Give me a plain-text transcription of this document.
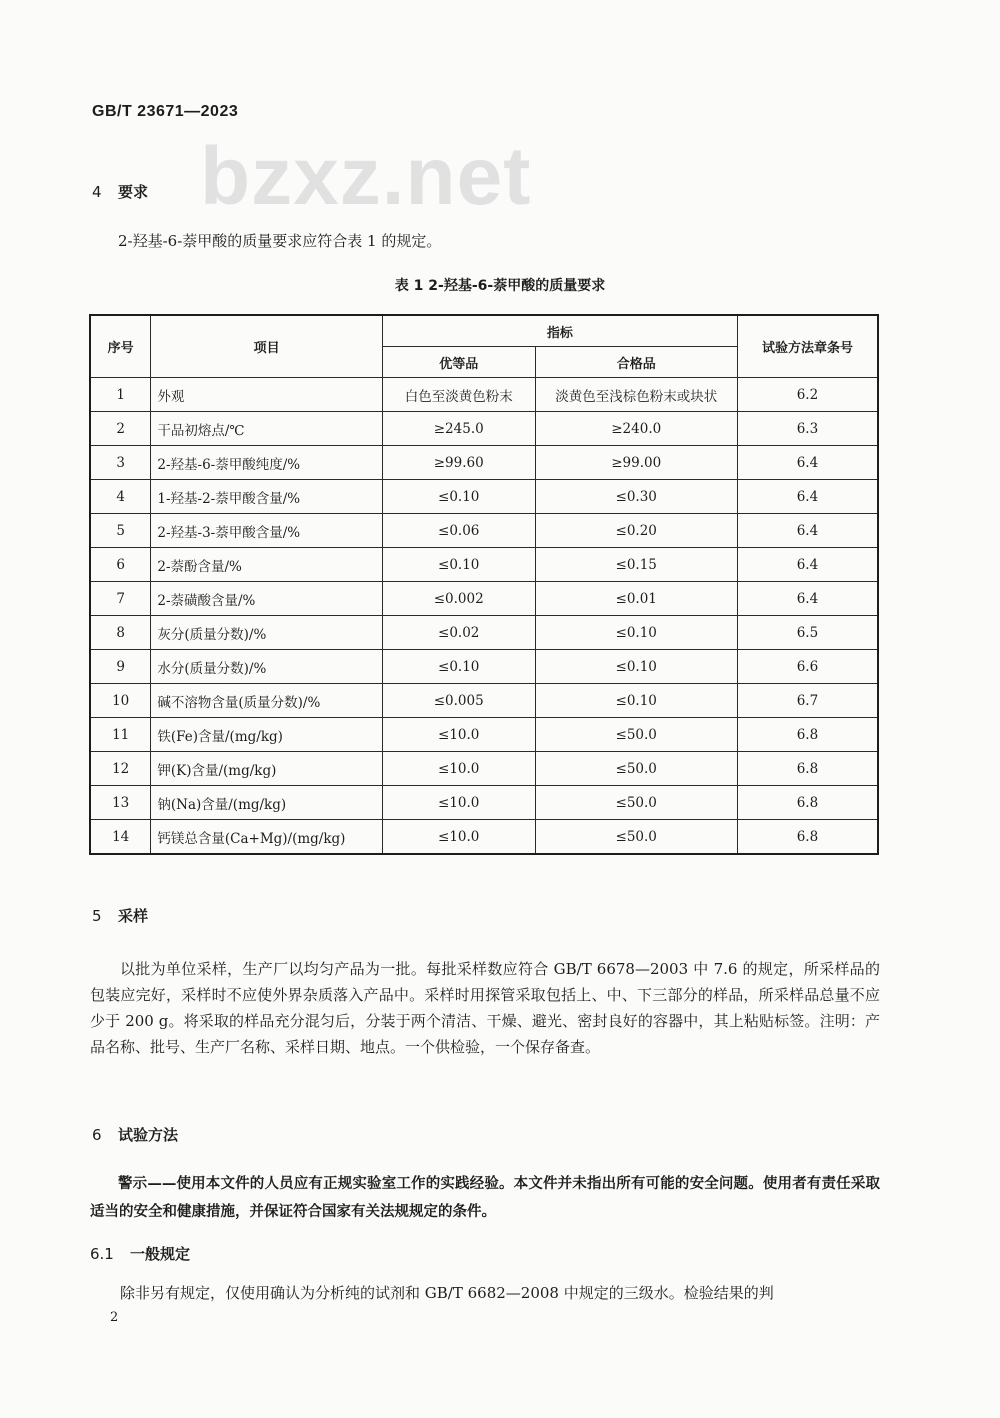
GB/T 23671—2023
bzxz.net
4 要求
2-羟基-6-萘甲酸的质量要求应符合表 1 的规定。
表 1 2-羟基-6-萘甲酸的质量要求
序号	项目	指标		试验方法章条号
		优等品	合格品	
1	外观	白色至淡黄色粉末	淡黄色至浅棕色粉末或块状	6.2
2	干品初熔点/℃	≥245.0	≥240.0	6.3
3	2-羟基-6-萘甲酸纯度/%	≥99.60	≥99.00	6.4
4	1-羟基-2-萘甲酸含量/%	≤0.10	≤0.30	6.4
5	2-羟基-3-萘甲酸含量/%	≤0.06	≤0.20	6.4
6	2-萘酚含量/%	≤0.10	≤0.15	6.4
7	2-萘磺酸含量/%	≤0.002	≤0.01	6.4
8	灰分(质量分数)/%	≤0.02	≤0.10	6.5
9	水分(质量分数)/%	≤0.10	≤0.10	6.6
10	碱不溶物含量(质量分数)/%	≤0.005	≤0.10	6.7
11	铁(Fe)含量/(mg/kg)	≤10.0	≤50.0	6.8
12	钾(K)含量/(mg/kg)	≤10.0	≤50.0	6.8
13	钠(Na)含量/(mg/kg)	≤10.0	≤50.0	6.8
14	钙镁总含量(Ca+Mg)/(mg/kg)	≤10.0	≤50.0	6.8
5 采样
以批为单位采样，生产厂以均匀产品为一批。每批采样数应符合 GB/T 6678—2003 中 7.6 的规定，所采样品的包装应完好，采样时不应使外界杂质落入产品中。采样时用探管采取包括上、中、下三部分的样品，所采样品总量不应少于 200 g。将采取的样品充分混匀后，分装于两个清洁、干燥、避光、密封良好的容器中，其上粘贴标签。注明：产品名称、批号、生产厂名称、采样日期、地点。一个供检验，一个保存备查。
6 试验方法
警示——使用本文件的人员应有正规实验室工作的实践经验。本文件并未指出所有可能的安全问题。使用者有责任采取适当的安全和健康措施，并保证符合国家有关法规规定的条件。
6.1 一般规定
除非另有规定，仅使用确认为分析纯的试剂和 GB/T 6682—2008 中规定的三级水。检验结果的判
2
